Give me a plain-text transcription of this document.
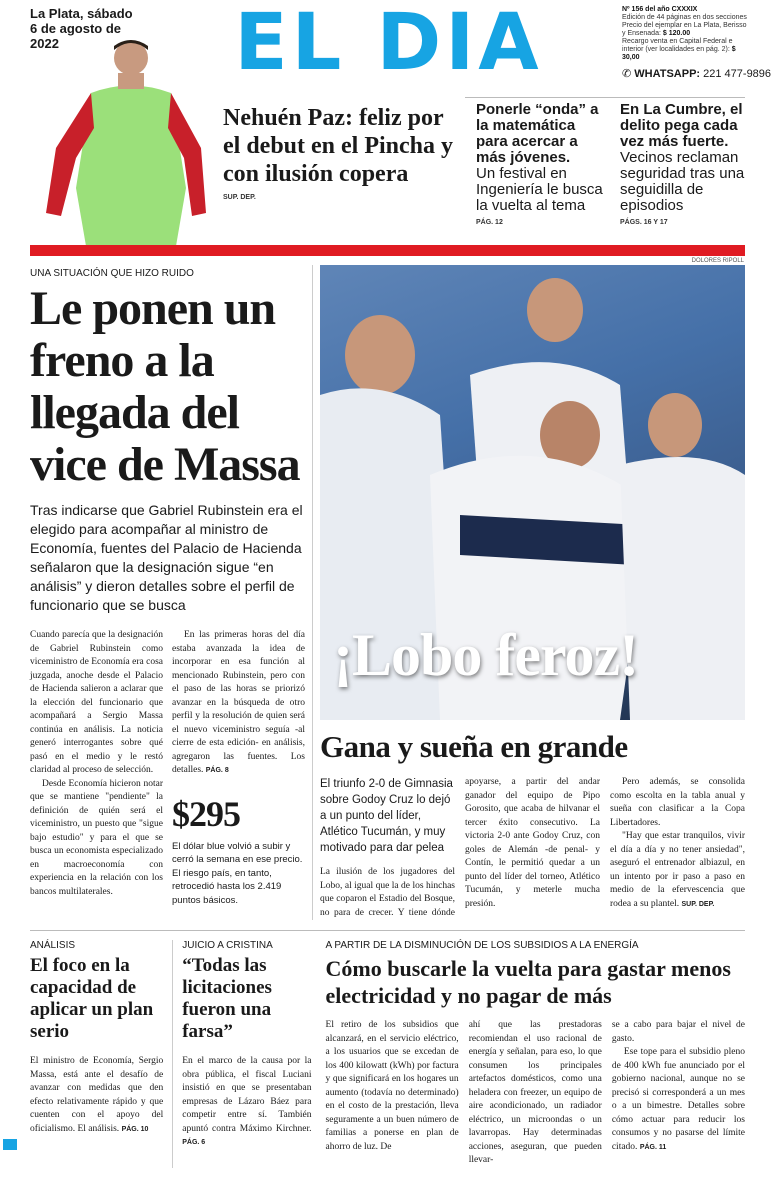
La Plata, sábado 6 de agosto de 2022	EL DIA	Nº 156 del año CXXXIX
Edición de 44 páginas en dos secciones
Precio del ejemplar en La Plata, Berisso y Ensenada: $ 120.00
Recargo venta en Capital Federal e interior (ver localidades en pág. 2): $ 30,00
✆ WHATSAPP: 221 477-9896
Nehuén Paz: feliz por el debut en el Pincha y con ilusión copera
SUP. DEP.
Ponerle “onda” a la matemática para acercar a más jóvenes.
Un festival en Ingeniería le busca la vuelta al tema
PÁG. 12
En La Cumbre, el delito pega cada vez más fuerte.
Vecinos reclaman seguridad tras una seguidilla de episodios
PÁGS. 16 Y 17
DOLORES RIPOLL
UNA SITUACIÓN QUE HIZO RUIDO
Le ponen un freno a la llegada del vice de Massa
Tras indicarse que Gabriel Rubinstein era el elegido para acompañar al ministro de Economía, fuentes del Palacio de Hacienda señalaron que la designación sigue “en análisis” y dieron detalles sobre el perfil de funcionario que se busca

Cuando parecía que la designación de Gabriel Rubinstein como viceministro de Economía era cosa juzgada, anoche desde el Palacio de Hacienda salieron a aclarar que la elección del funcionario que acompañará a Sergio Massa continúa en análisis. La noticia generó interrogantes sobre qué pasó en el medio y le restó claridad al proceso de selección.

Desde Economía hicieron notar que se mantiene "pendiente" la definición de quién será el viceministro, un puesto que "sigue bajo estudio" y para el que se busca un economista especializado en macroeconomía con experiencia en la relación con los bancos multilaterales.

En las primeras horas del día estaba avanzada la idea de incorporar en esa función al mencionado Rubinstein, pero con el paso de las horas se priorizó avanzar en la búsqueda de otro perfil y la resolución de quien será el nuevo viceministro seguía -al cierre de esta edición- en análisis, agregaron las fuentes. Los detalles. PÁG. 8

$295
El dólar blue volvió a subir y cerró la semana en ese precio. El riesgo país, en tanto, retrocedió hasta los 2.419 puntos básicos.
¡Lobo feroz!
Gana y sueña en grande
El triunfo 2-0 de Gimnasia sobre Godoy Cruz lo dejó a un punto del líder, Atlético Tucumán, y muy motivado para dar pelea

La ilusión de los jugadores del Lobo, al igual que la de los hinchas que coparon el Estadio del Bosque, no para de crecer. Y tiene dónde apoyarse, a partir del andar ganador del equipo de Pipo Gorosito, que acaba de hilvanar el tercer éxito consecutivo. La victoria 2-0 ante Godoy Cruz, con goles de Alemán -de penal- y Contín, le permitió quedar a un punto del líder del torneo, Atlético Tucumán, y meterle mucha presión.

Pero además, se consolida como escolta en la tabla anual y sueña con clasificar a la Copa Libertadores.

"Hay que estar tranquilos, vivir el día a día y no tener ansiedad", aseguró el entrenador albiazul, en un intento por ir paso a paso en medio de la efervescencia que rodea a su plantel. SUP. DEP.

ANÁLISIS
El foco en la capacidad de aplicar un plan serio
El ministro de Economía, Sergio Massa, está ante el desafío de avanzar con medidas que den efecto relativamente rápido y que cuenten con el apoyo del oficialismo. El análisis. PÁG. 10
JUICIO A CRISTINA
“Todas las licitaciones fueron una farsa”
En el marco de la causa por la obra pública, el fiscal Luciani insistió en que se presentaban empresas de Lázaro Báez para competir entre sí. También apuntó contra Máximo Kirchner. PÁG. 6
A PARTIR DE LA DISMINUCIÓN DE LOS SUBSIDIOS A LA ENERGÍA
Cómo buscarle la vuelta para gastar menos electricidad y no pagar de más

El retiro de los subsidios que alcanzará, en el servicio eléctrico, a los usuarios que se excedan de los 400 kilowatt (kWh) por factura y que significará en los hogares un aumento (todavía no determinado) en el costo de la prestación, lleva seguramente a un buen número de familias a ponerse en plan de ahorro de luz. De

ahí que las prestadoras recomiendan el uso racional de energía y señalan, para eso, lo que consumen los principales artefactos domésticos, como una heladera con freezer, un equipo de aire acondicionado, un radiador eléctrico, un microondas o un lavarropas. Hay determinadas acciones, aseguran, que pueden llevar-

se a cabo para bajar el nivel de gasto.

Ese tope para el subsidio pleno de 400 kWh fue anunciado por el gobierno nacional, aunque no se precisó si corresponderá a un mes o a un bimestre. Detalles sobre cómo actuar para reducir los consumos y no pasarse del límite citado. PÁG. 11
